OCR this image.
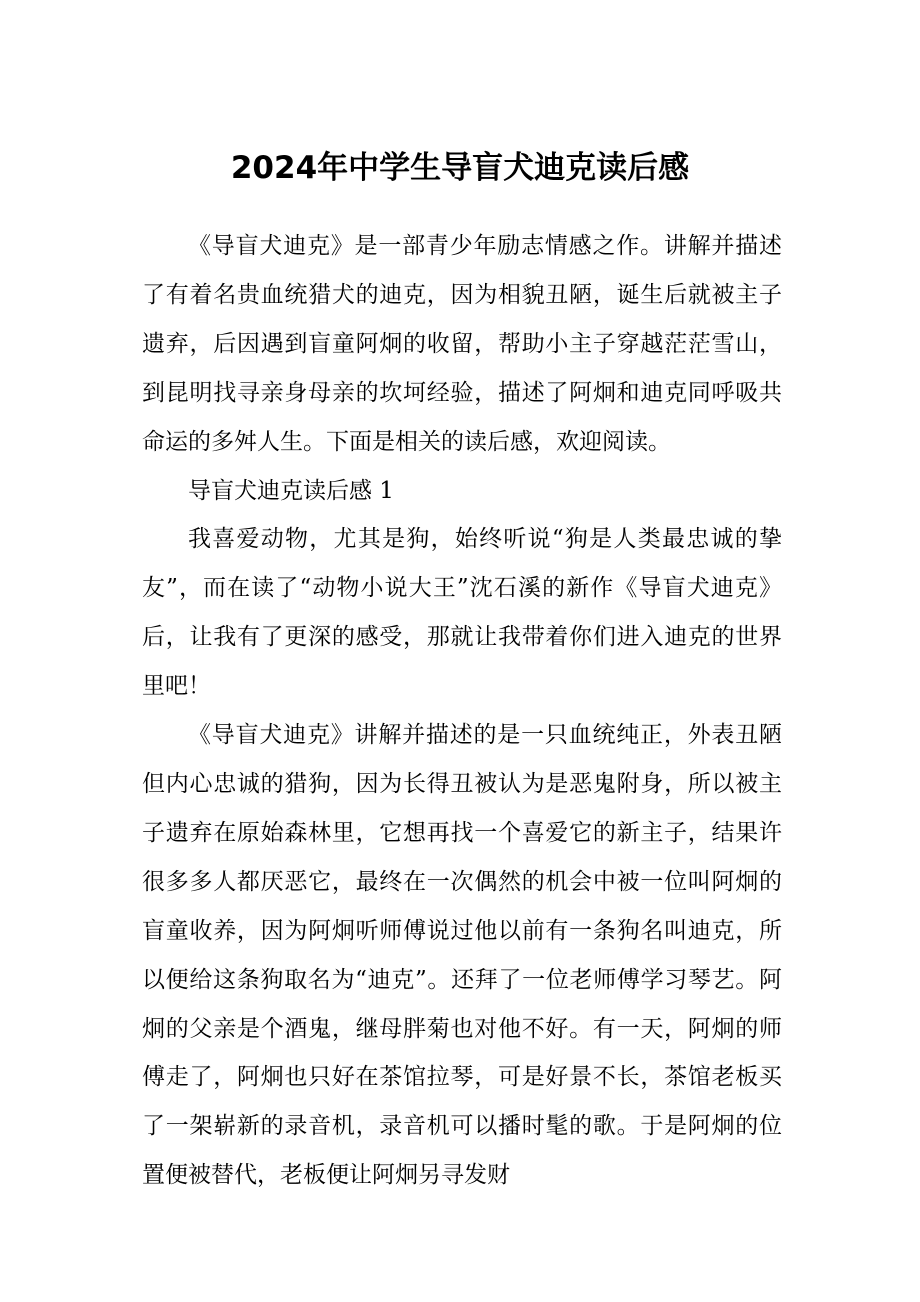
2024年中学生导盲犬迪克读后感

《导盲犬迪克》是一部青少年励志情感之作。讲解并描述了有着名贵血统猎犬的迪克，因为相貌丑陋，诞生后就被主子遗弃，后因遇到盲童阿炯的收留，帮助小主子穿越茫茫雪山，到昆明找寻亲身母亲的坎坷经验，描述了阿炯和迪克同呼吸共命运的多舛人生。下面是相关的读后感，欢迎阅读。

导盲犬迪克读后感 1

我喜爱动物，尤其是狗，始终听说“狗是人类最忠诚的挚友”，而在读了“动物小说大王”沈石溪的新作《导盲犬迪克》后，让我有了更深的感受，那就让我带着你们进入迪克的世界里吧！

《导盲犬迪克》讲解并描述的是一只血统纯正，外表丑陋但内心忠诚的猎狗，因为长得丑被认为是恶鬼附身，所以被主子遗弃在原始森林里，它想再找一个喜爱它的新主子，结果许很多多人都厌恶它，最终在一次偶然的机会中被一位叫阿炯的盲童收养，因为阿炯听师傅说过他以前有一条狗名叫迪克，所以便给这条狗取名为“迪克”。还拜了一位老师傅学习琴艺。阿炯的父亲是个酒鬼，继母胖菊也对他不好。有一天，阿炯的师傅走了，阿炯也只好在茶馆拉琴，可是好景不长，茶馆老板买了一架崭新的录音机，录音机可以播时髦的歌。于是阿炯的位置便被替代，老板便让阿炯另寻发财
